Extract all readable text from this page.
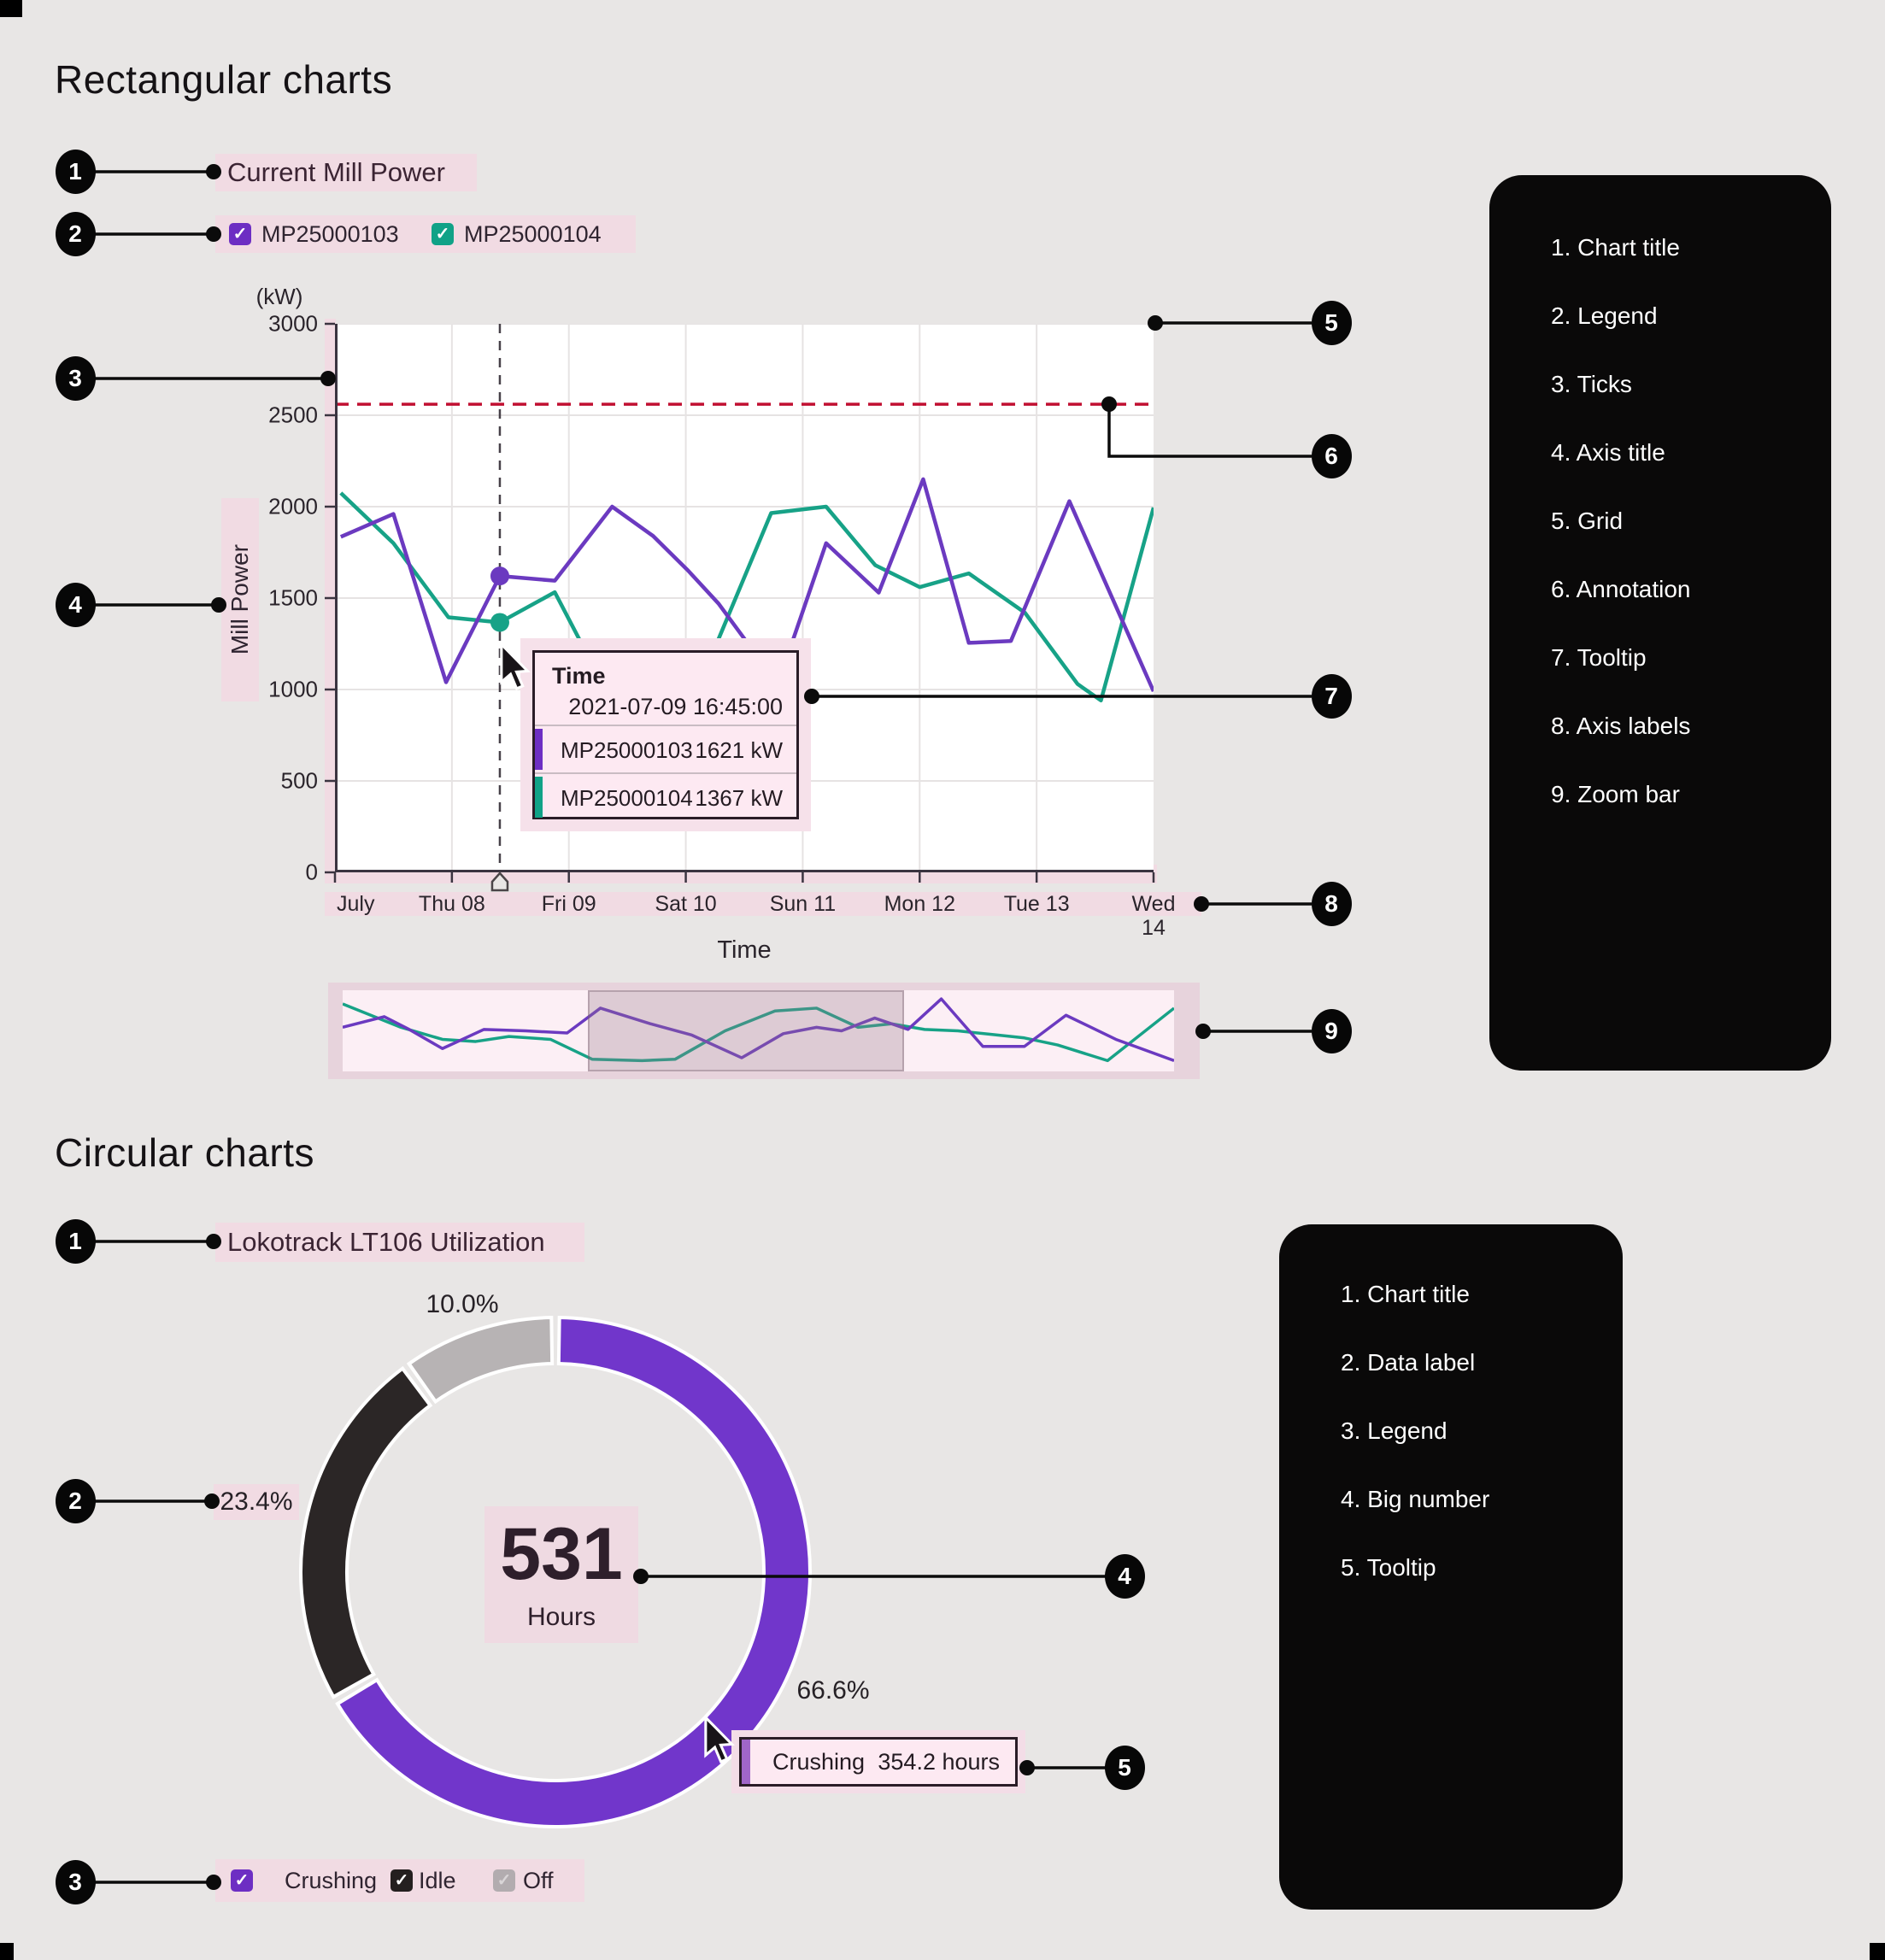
Rectangular charts
Current Mill Power
✓ MP25000103 ✓ MP25000104
July Thu 08	Fri 09	Sat 10 Sun 11 Mon 12 Tue 13	Wed 14
(kW)
0
500
1000
1500
2000
2500
3000
Mill Power
Time
Time
2021-07-09 16:45:00
MP25000103 1621 kW
MP25000104 1367 kW
1. Chart title
2. Legend
3. Ticks
4. Axis title
5. Grid
6. Annotation
7. Tooltip
8. Axis labels
9. Zoom bar
Circular charts
Lokotrack LT106 Utilization
531
Hours
10.0%
23.4%
66.6%
Crushing 354.2 hours
✓ Crushing ✓ Idle ✓ Off
1. Chart title
2. Data label
3. Legend
4. Big number
5. Tooltip
1
2
3
4
5
6
7
8
9
1
2
3
4
5
